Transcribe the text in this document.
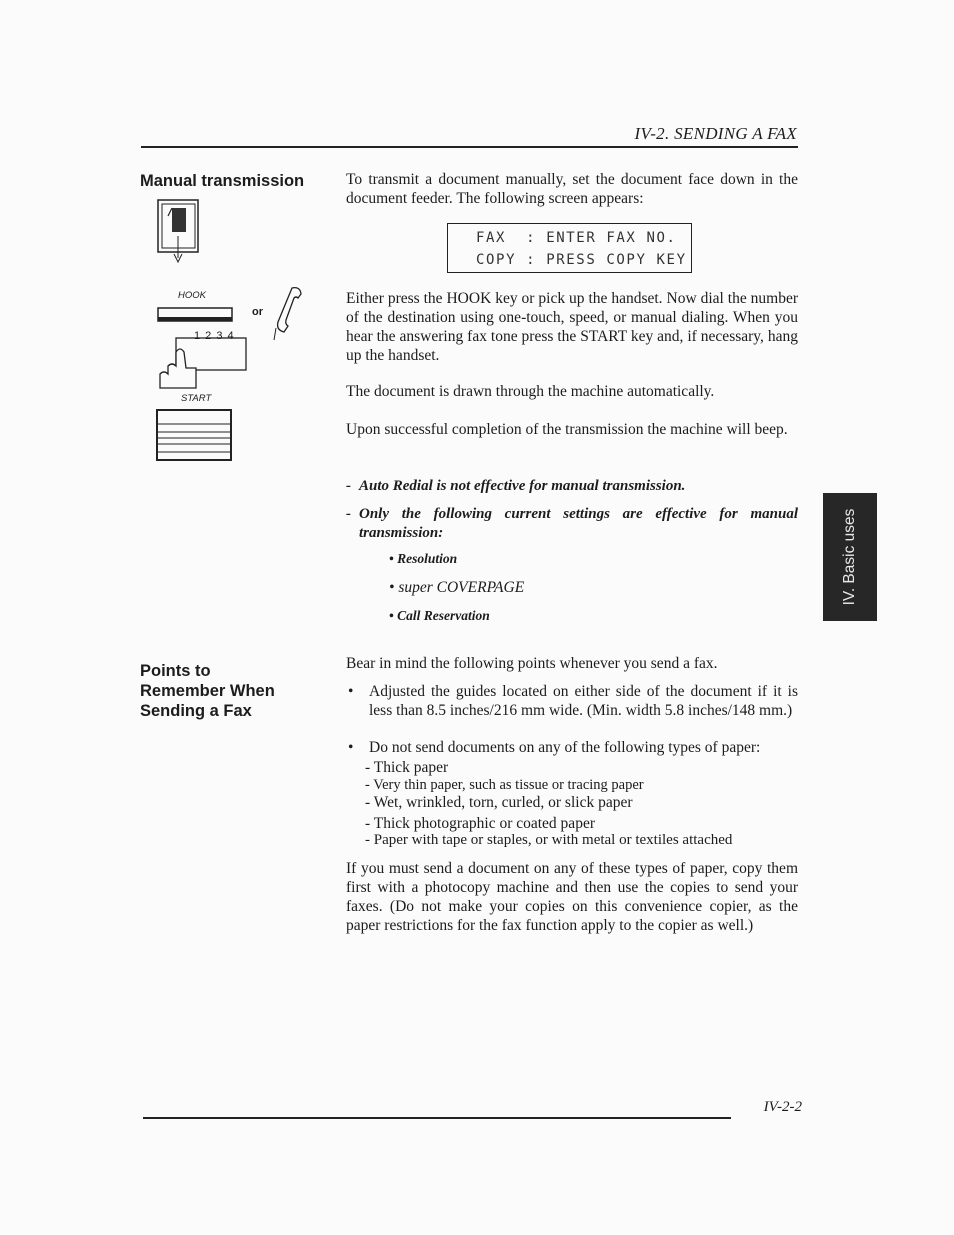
IV-2. SENDING A FAX
Manual transmission
HOOK
or
1 2 3 4
START
To transmit a document manually, set the document face down in the document feeder. The following screen appears:
FAX  : ENTER FAX NO.
COPY : PRESS COPY KEY
Either press the HOOK key or pick up the handset. Now dial the number of the destination using one-touch, speed, or manual dialing. When you hear the answering fax tone press the START key and, if necessary, hang up the handset.
The document is drawn through the machine automatically.
Upon successful completion of the transmission the machine will beep.
- Auto Redial is not effective for manual transmission.
- Only the following current settings are effective for manual transmission:
• Resolution
• super COVERPAGE
• Call Reservation
Points to
Remember When
Sending a Fax
Bear in mind the following points whenever you send a fax.
•	Adjusted the guides located on either side of the document if it is less than 8.5 inches/216 mm wide. (Min. width 5.8 inches/148 mm.)
•	Do not send documents on any of the following types of paper:
- Thick paper
- Very thin paper, such as tissue or tracing paper
- Wet, wrinkled, torn, curled, or slick paper
- Thick photographic or coated paper
- Paper with tape or staples, or with metal or textiles attached
If you must send a document on any of these types of paper, copy them first with a photocopy machine and then use the copies to send your faxes. (Do not make your copies on this convenience copier, as the paper restrictions for the fax function apply to the copier as well.)
IV. Basic uses
IV-2-2
